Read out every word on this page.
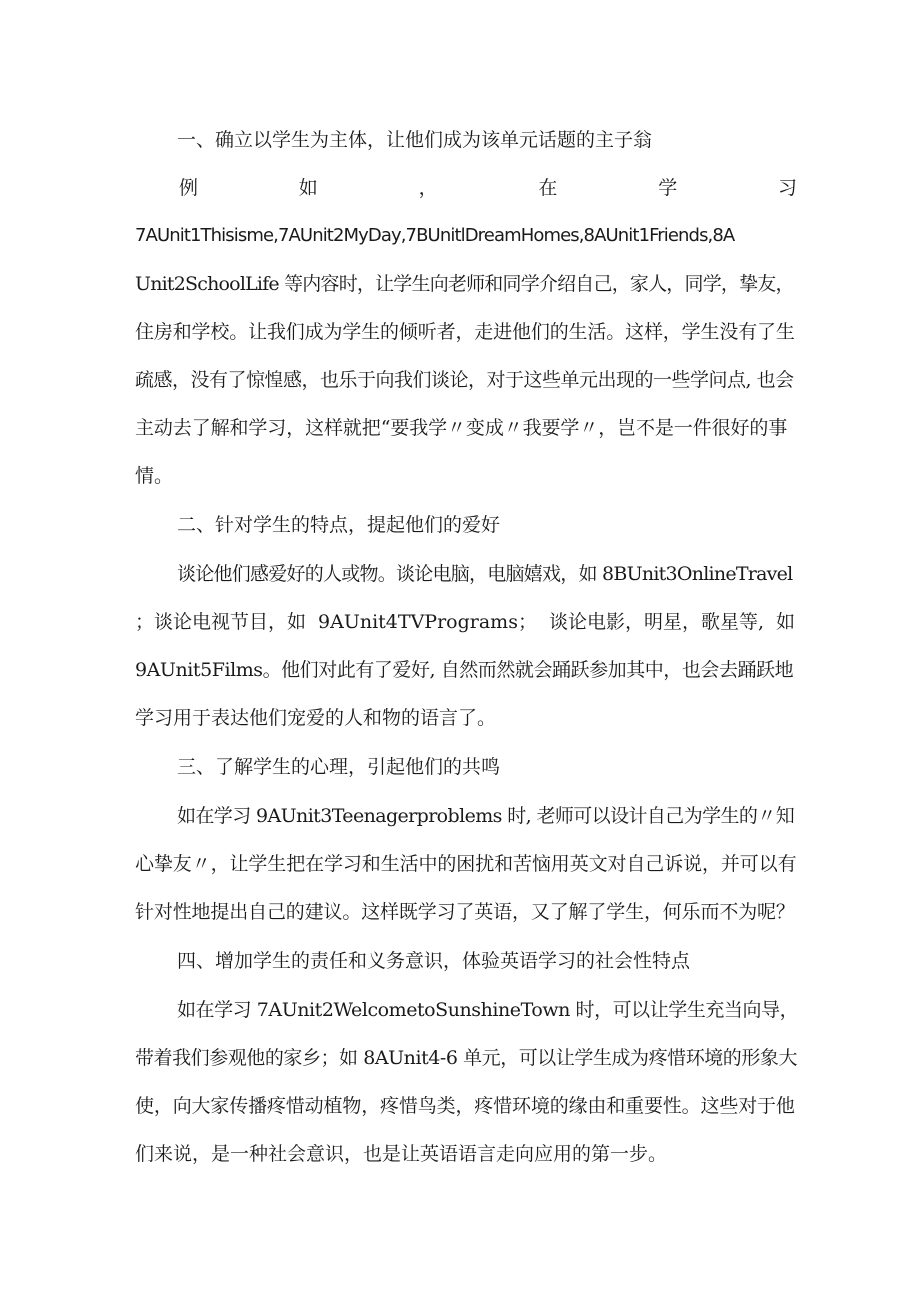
一、确立以学生为主体，让他们成为该单元话题的主子翁
例	如	，	在	学	习
7AUnit1Thisisme,7AUnit2MyDay,7BUnitlDreamHomes,8AUnit1Friends,8A
Unit2SchoolLife 等内容时，让学生向老师和同学介绍自己，家人，同学，挚友，
住房和学校。让我们成为学生的倾听者，走进他们的生活。这样，学生没有了生
疏感，没有了惊惶感，也乐于向我们谈论，对于这些单元出现的一些学问点, 也会
主动去了解和学习，这样就把“要我学〃变成〃我要学〃，岂不是一件很好的事
情。
二、针对学生的特点，提起他们的爱好
谈论他们感爱好的人或物。谈论电脑，电脑嬉戏，如 8BUnit3OnlineTravel
；谈论电视节目，如 9AUnit4TVPrograms； 谈论电影，明星，歌星等, 如
9AUnit5Films。他们对此有了爱好, 自然而然就会踊跃参加其中，也会去踊跃地
学习用于表达他们宠爱的人和物的语言了。
三、了解学生的心理，引起他们的共鸣
如在学习 9AUnit3Teenagerproblems 时, 老师可以设计自己为学生的〃知
心挚友〃，让学生把在学习和生活中的困扰和苦恼用英文对自己诉说，并可以有
针对性地提出自己的建议。这样既学习了英语，又了解了学生，何乐而不为呢？
四、增加学生的责任和义务意识，体验英语学习的社会性特点
如在学习 7AUnit2WelcometoSunshineTown 时，可以让学生充当向导，
带着我们参观他的家乡；如 8AUnit4-6 单元，可以让学生成为疼惜环境的形象大
使，向大家传播疼惜动植物，疼惜鸟类，疼惜环境的缘由和重要性。这些对于他
们来说，是一种社会意识，也是让英语语言走向应用的第一步。
